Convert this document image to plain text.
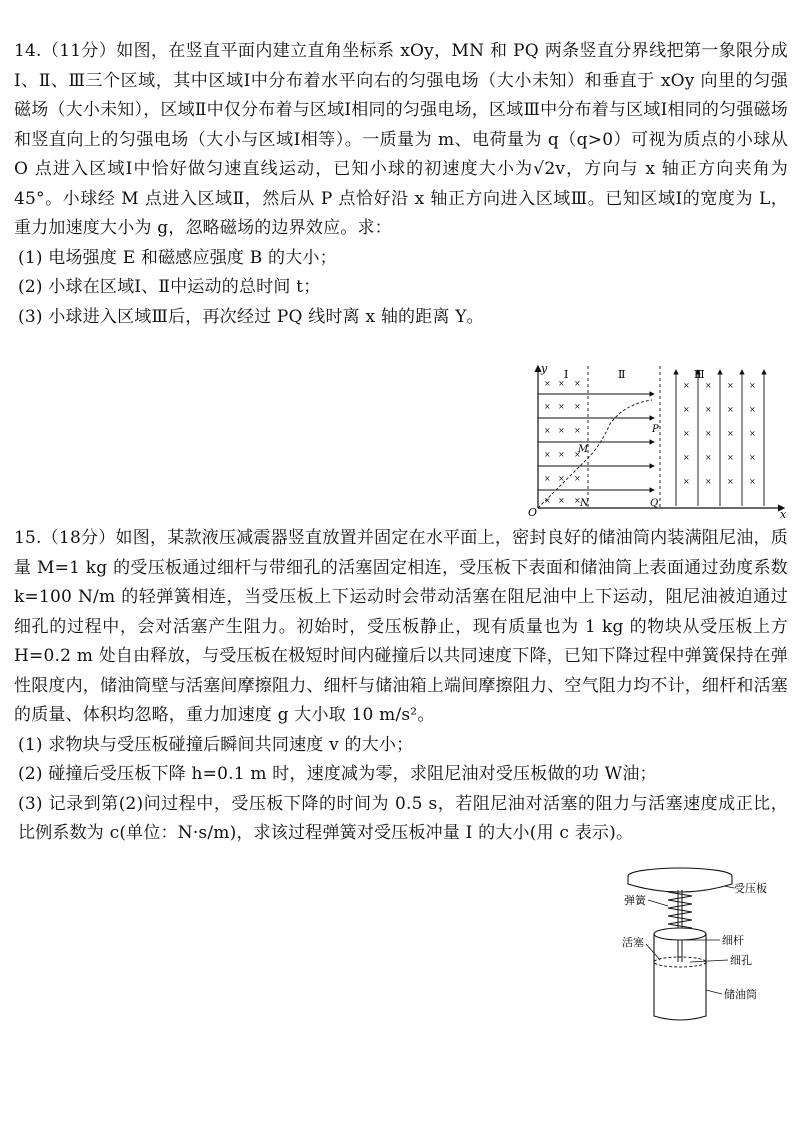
14.（11分）如图，在竖直平面内建立直角坐标系 xOy，MN 和 PQ 两条竖直分界线把第一象限分成Ⅰ、Ⅱ、Ⅲ三个区域，其中区域Ⅰ中分布着水平向右的匀强电场（大小未知）和垂直于 xOy 向里的匀强磁场（大小未知），区域Ⅱ中仅分布着与区域Ⅰ相同的匀强电场，区域Ⅲ中分布着与区域Ⅰ相同的匀强磁场和竖直向上的匀强电场（大小与区域Ⅰ相等）。一质量为 m、电荷量为 q（q>0）可视为质点的小球从 O 点进入区域Ⅰ中恰好做匀速直线运动，已知小球的初速度大小为√2v，方向与 x 轴正方向夹角为 45°。小球经 M 点进入区域Ⅱ，然后从 P 点恰好沿 x 轴正方向进入区域Ⅲ。已知区域Ⅰ的宽度为 L，重力加速度大小为 g，忽略磁场的边界效应。求：

(1) 电场强度 E 和磁感应强度 B 的大小；

(2) 小球在区域Ⅰ、Ⅱ中运动的总时间 t；

(3) 小球进入区域Ⅲ后，再次经过 PQ 线时离 x 轴的距离 Y。

y
x
O
Ⅰ	Ⅱ	Ⅲ
× × ×
× × ×
× × ×
× × ×
× × ×
× × ×
M
N
P
Q
× × × ×
× × × ×
× × × ×
× × × ×
× × × ×

15.（18分）如图，某款液压减震器竖直放置并固定在水平面上，密封良好的储油筒内装满阻尼油，质量 M=1 kg 的受压板通过细杆与带细孔的活塞固定相连，受压板下表面和储油筒上表面通过劲度系数 k=100 N/m 的轻弹簧相连，当受压板上下运动时会带动活塞在阻尼油中上下运动，阻尼油被迫通过细孔的过程中，会对活塞产生阻力。初始时，受压板静止，现有质量也为 1 kg 的物块从受压板上方 H=0.2 m 处自由释放，与受压板在极短时间内碰撞后以共同速度下降，已知下降过程中弹簧保持在弹性限度内，储油筒壁与活塞间摩擦阻力、细杆与储油箱上端间摩擦阻力、空气阻力均不计，细杆和活塞的质量、体积均忽略，重力加速度 g 大小取 10 m/s²。

(1) 求物块与受压板碰撞后瞬间共同速度 v 的大小；

(2) 碰撞后受压板下降 h=0.1 m 时，速度减为零，求阻尼油对受压板做的功 W油；

(3) 记录到第(2)问过程中，受压板下降的时间为 0.5 s，若阻尼油对活塞的阻力与活塞速度成正比，比例系数为 c(单位：N·s/m)，求该过程弹簧对受压板冲量 I 的大小(用 c 表示)。

受压板
弹簧
活塞	细杆
细孔
储油筒
